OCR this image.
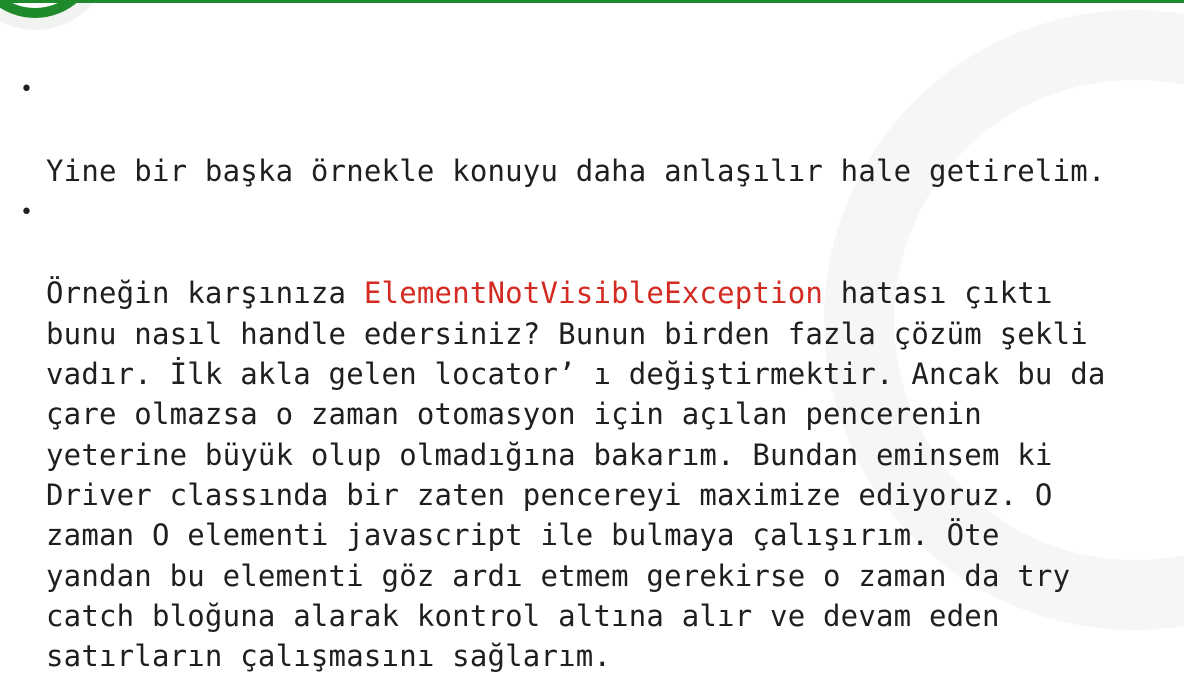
•

Yine bir başka örnekle konuyu daha anlaşılır hale getirelim.

•

Örneğin karşınıza ElementNotVisibleException hatası çıktı
bunu nasıl handle edersiniz? Bunun birden fazla çözüm şekli
vadır. İlk akla gelen locator’ ı değiştirmektir. Ancak bu da
çare olmazsa o zaman otomasyon için açılan pencerenin
yeterine büyük olup olmadığına bakarım. Bundan eminsem ki
Driver classında bir zaten pencereyi maximize ediyoruz. O
zaman O elementi javascript ile bulmaya çalışırım. Öte
yandan bu elementi göz ardı etmem gerekirse o zaman da try
catch bloğuna alarak kontrol altına alır ve devam eden
satırların çalışmasını sağlarım.
